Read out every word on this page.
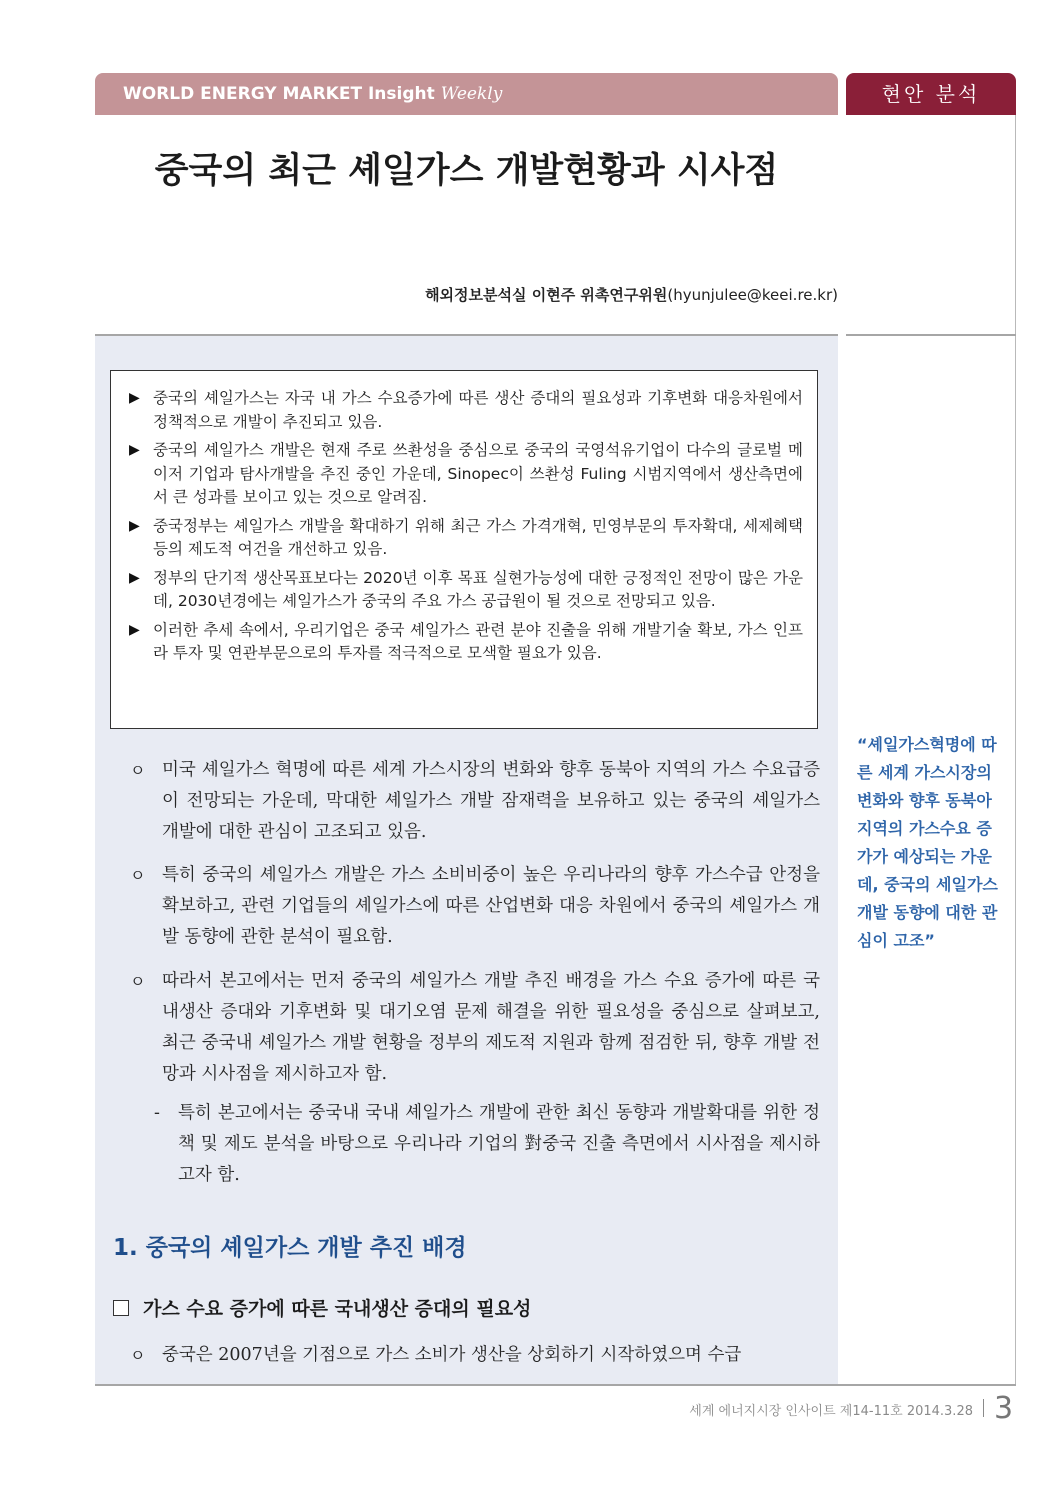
WORLD ENERGY MARKET Insight Weekly	현안 분석
중국의 최근 셰일가스 개발현황과 시사점
해외정보분석실 이현주 위촉연구위원(hyunjulee@keei.re.kr)
▶ 중국의 셰일가스는 자국 내 가스 수요증가에 따른 생산 증대의 필요성과 기후변화 대응차원에서 정책적으로 개발이 추진되고 있음.
▶ 중국의 셰일가스 개발은 현재 주로 쓰촨성을 중심으로 중국의 국영석유기업이 다수의 글로벌 메이저 기업과 탐사개발을 추진 중인 가운데, Sinopec이 쓰촨성 Fuling 시범지역에서 생산측면에서 큰 성과를 보이고 있는 것으로 알려짐.
▶ 중국정부는 셰일가스 개발을 확대하기 위해 최근 가스 가격개혁, 민영부문의 투자확대, 세제혜택 등의 제도적 여건을 개선하고 있음.
▶ 정부의 단기적 생산목표보다는 2020년 이후 목표 실현가능성에 대한 긍정적인 전망이 많은 가운데, 2030년경에는 셰일가스가 중국의 주요 가스 공급원이 될 것으로 전망되고 있음.
▶ 이러한 추세 속에서, 우리기업은 중국 셰일가스 관련 분야 진출을 위해 개발기술 확보, 가스 인프라 투자 및 연관부문으로의 투자를 적극적으로 모색할 필요가 있음.
ㅇ 미국 셰일가스 혁명에 따른 세계 가스시장의 변화와 향후 동북아 지역의 가스 수요급증이 전망되는 가운데, 막대한 셰일가스 개발 잠재력을 보유하고 있는 중국의 셰일가스 개발에 대한 관심이 고조되고 있음.
ㅇ 특히 중국의 셰일가스 개발은 가스 소비비중이 높은 우리나라의 향후 가스수급 안정을 확보하고, 관련 기업들의 셰일가스에 따른 산업변화 대응 차원에서 중국의 셰일가스 개발 동향에 관한 분석이 필요함.
ㅇ 따라서 본고에서는 먼저 중국의 셰일가스 개발 추진 배경을 가스 수요 증가에 따른 국내생산 증대와 기후변화 및 대기오염 문제 해결을 위한 필요성을 중심으로 살펴보고, 최근 중국내 셰일가스 개발 현황을 정부의 제도적 지원과 함께 점검한 뒤, 향후 개발 전망과 시사점을 제시하고자 함.
-	특히 본고에서는 중국내 국내 셰일가스 개발에 관한 최신 동향과 개발확대를 위한 정책 및 제도 분석을 바탕으로 우리나라 기업의 對중국 진출 측면에서 시사점을 제시하고자 함.
1. 중국의 셰일가스 개발 추진 배경
가스 수요 증가에 따른 국내생산 증대의 필요성
ㅇ 중국은 2007년을 기점으로 가스 소비가 생산을 상회하기 시작하였으며 수급
“셰일가스혁명에 따른 세계 가스시장의 변화와 향후 동북아지역의 가스수요 증가가 예상되는 가운데, 중국의 세일가스 개발 동향에 대한 관심이 고조”
세계 에너지시장 인사이트 제14-11호 2014.3.28 3
